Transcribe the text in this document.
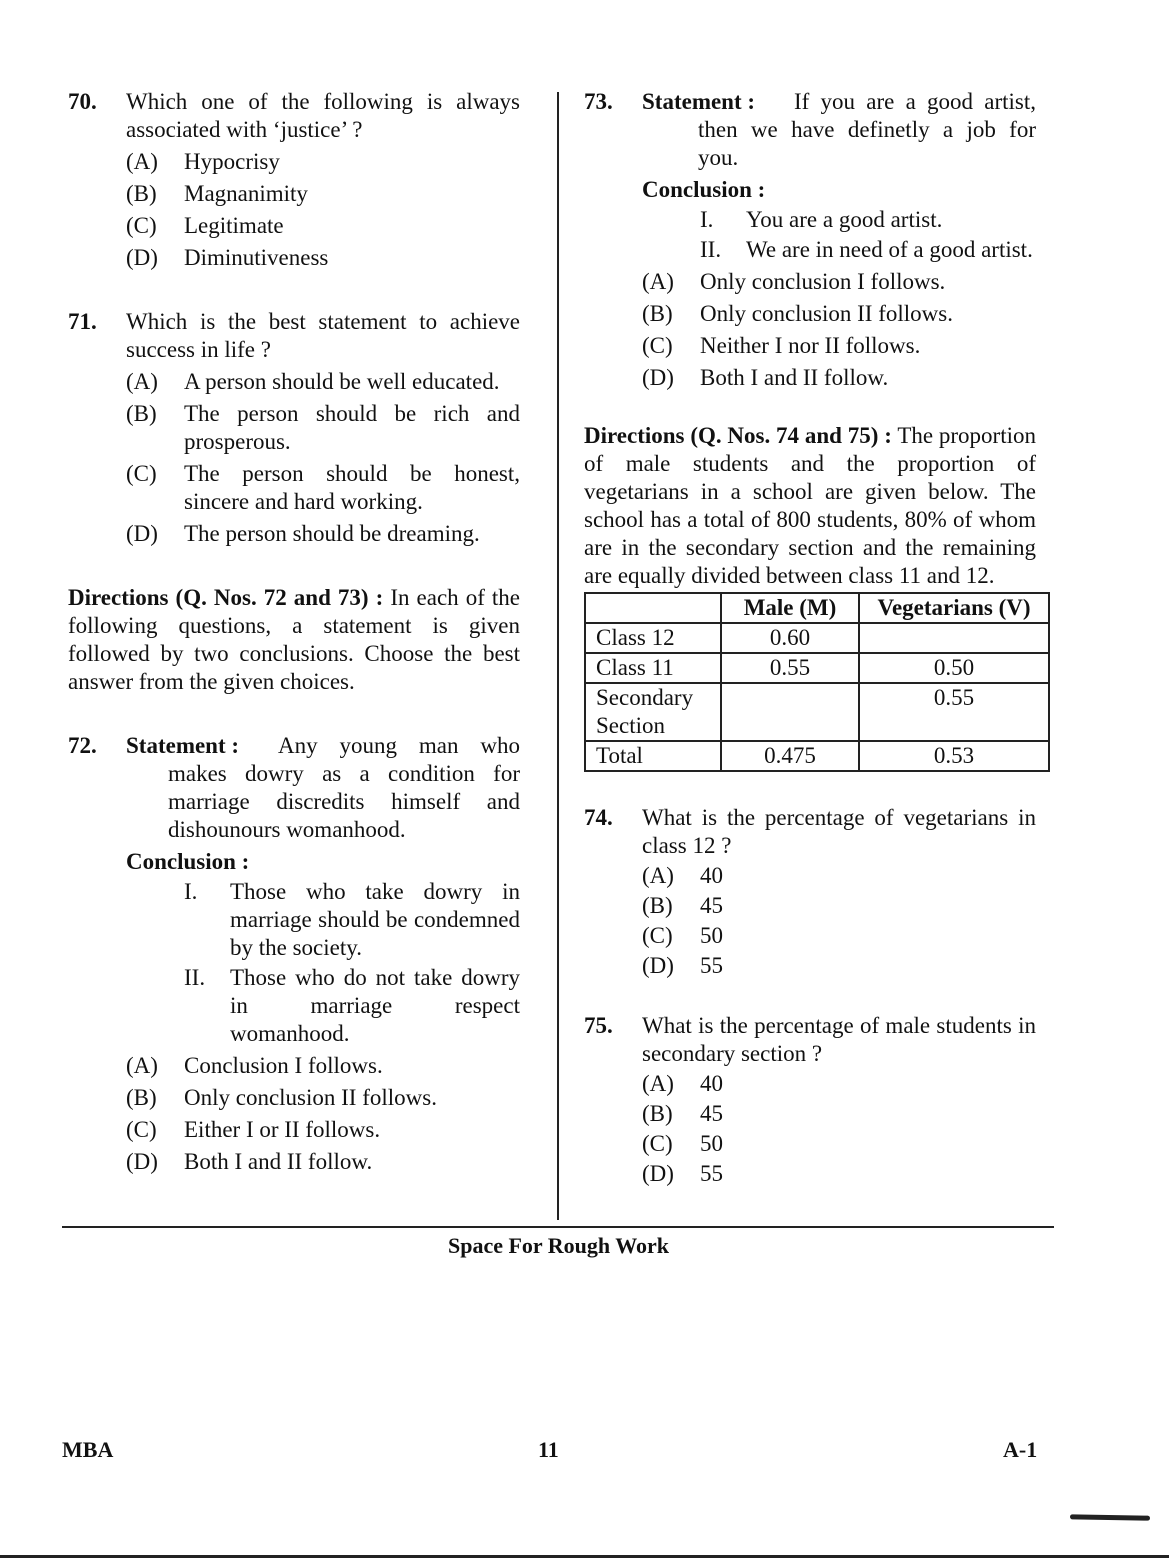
70.	Which one of the following is always associated with ‘justice’ ?
(A)	Hypocrisy
(B)	Magnanimity
(C)	Legitimate
(D)	Diminutiveness
71.	Which is the best statement to achieve success in life ?
(A)	A person should be well educated.
(B)	The person should be rich and prosperous.
(C)	The person should be honest, sincere and hard working.
(D)	The person should be dreaming.
Directions (Q. Nos. 72 and 73) : In each of the following questions, a statement is given followed by two conclusions. Choose the best answer from the given choices.
72.	Statement :	Any young man who makes dowry as a condition for marriage discredits himself and dishounours womanhood.
Conclusion :
I.	Those who take dowry in marriage should be condemned by the society.
II.	Those who do not take dowry in marriage respect womanhood.
(A)	Conclusion I follows.
(B)	Only conclusion II follows.
(C)	Either I or II follows.
(D)	Both I and II follow.
73.	Statement :	If you are a good artist, then we have definetly a job for you.
Conclusion :
I.	You are a good artist.
II.	We are in need of a good artist.
(A)	Only conclusion I follows.
(B)	Only conclusion II follows.
(C)	Neither I nor II follows.
(D)	Both I and II follow.
Directions (Q. Nos. 74 and 75) : The proportion of male students and the proportion of vegetarians in a school are given below. The school has a total of 800 students, 80% of whom are in the secondary section and the remaining are equally divided between class 11 and 12.
	Male (M)	Vegetarians (V)
Class 12	0.60	
Class 11	0.55	0.50
Secondary Section		0.55
Total	0.475	0.53
74.	What is the percentage of vegetarians in class 12 ?
(A)	40
(B)	45
(C)	50
(D)	55
75.	What is the percentage of male students in secondary section ?
(A)	40
(B)	45
(C)	50
(D)	55
Space For Rough Work
MBA	11	A-1
